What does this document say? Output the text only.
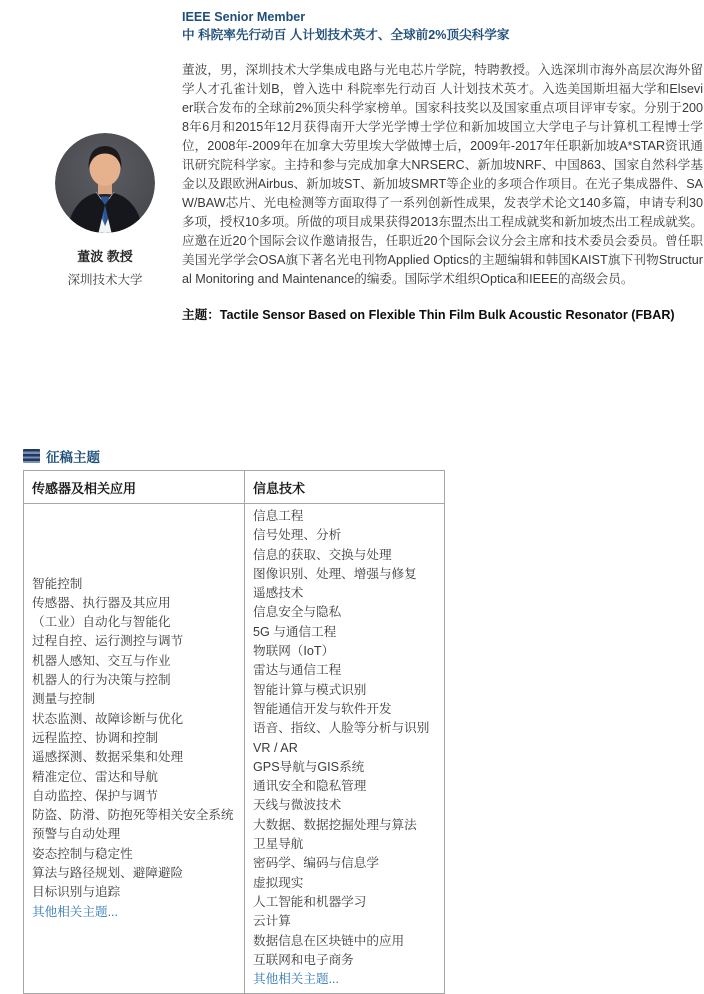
董波 教授
深圳技术大学
IEEE Senior Member
中 科院率先行动百 人计划技术英才、全球前2%顶尖科学家
董波，男，深圳技术大学集成电路与光电芯片学院，特聘教授。入选深圳市海外高层次海外留学人才孔雀计划B，曾入选中 科院率先行动百 人计划技术英才。入选美国斯坦福大学和Elsevier联合发布的全球前2%顶尖科学家榜单。国家科技奖以及国家重点项目评审专家。分别于2008年6月和2015年12月获得南开大学光学博士学位和新加坡国立大学电子与计算机工程博士学位，2008年-2009年在加拿大劳里埃大学做博士后，2009年-2017年任职新加坡A*STAR资讯通讯研究院科学家。主持和参与完成加拿大NRSERC、新加坡NRF、中国863、国家自然科学基金以及跟欧洲Airbus、新加坡ST、新加坡SMRT等企业的多项合作项目。在光子集成器件、SAW/BAW芯片、光电检测等方面取得了一系列创新性成果，发表学术论文140多篇，申请专利30多项，授权10多项。所做的项目成果获得2013东盟杰出工程成就奖和新加坡杰出工程成就奖。应邀在近20个国际会议作邀请报告，任职近20个国际会议分会主席和技术委员会委员。曾任职美国光学学会OSA旗下著名光电刊物Applied Optics的主题编辑和韩国KAIST旗下刊物Structural Monitoring and Maintenance的编委。国际学术组织Optica和IEEE的高级会员。
主题：Tactile Sensor Based on Flexible Thin Film Bulk Acoustic Resonator (FBAR)
征稿主题
传感器及相关应用	信息技术

智能控制
传感器、执行器及其应用
（工业）自动化与智能化
过程自控、运行测控与调节
机器人感知、交互与作业
机器人的行为决策与控制
测量与控制
状态监测、故障诊断与优化
远程监控、协调和控制
遥感探测、数据采集和处理
精准定位、雷达和导航
自动监控、保护与调节
防盗、防滑、防抱死等相关安全系统
预警与自动处理
姿态控制与稳定性
算法与路径规划、避障避险
目标识别与追踪
其他相关主题...

信息工程
信号处理、分析
信息的获取、交换与处理
图像识别、处理、增强与修复
遥感技术
信息安全与隐私
5G 与通信工程
物联网（IoT）
雷达与通信工程
智能计算与模式识别
智能通信开发与软件开发
语音、指纹、人脸等分析与识别
VR / AR
GPS导航与GIS系统
通讯安全和隐私管理
天线与微波技术
大数据、数据挖掘处理与算法
卫星导航
密码学、编码与信息学
虚拟现实
人工智能和机器学习
云计算
数据信息在区块链中的应用
互联网和电子商务
其他相关主题...
